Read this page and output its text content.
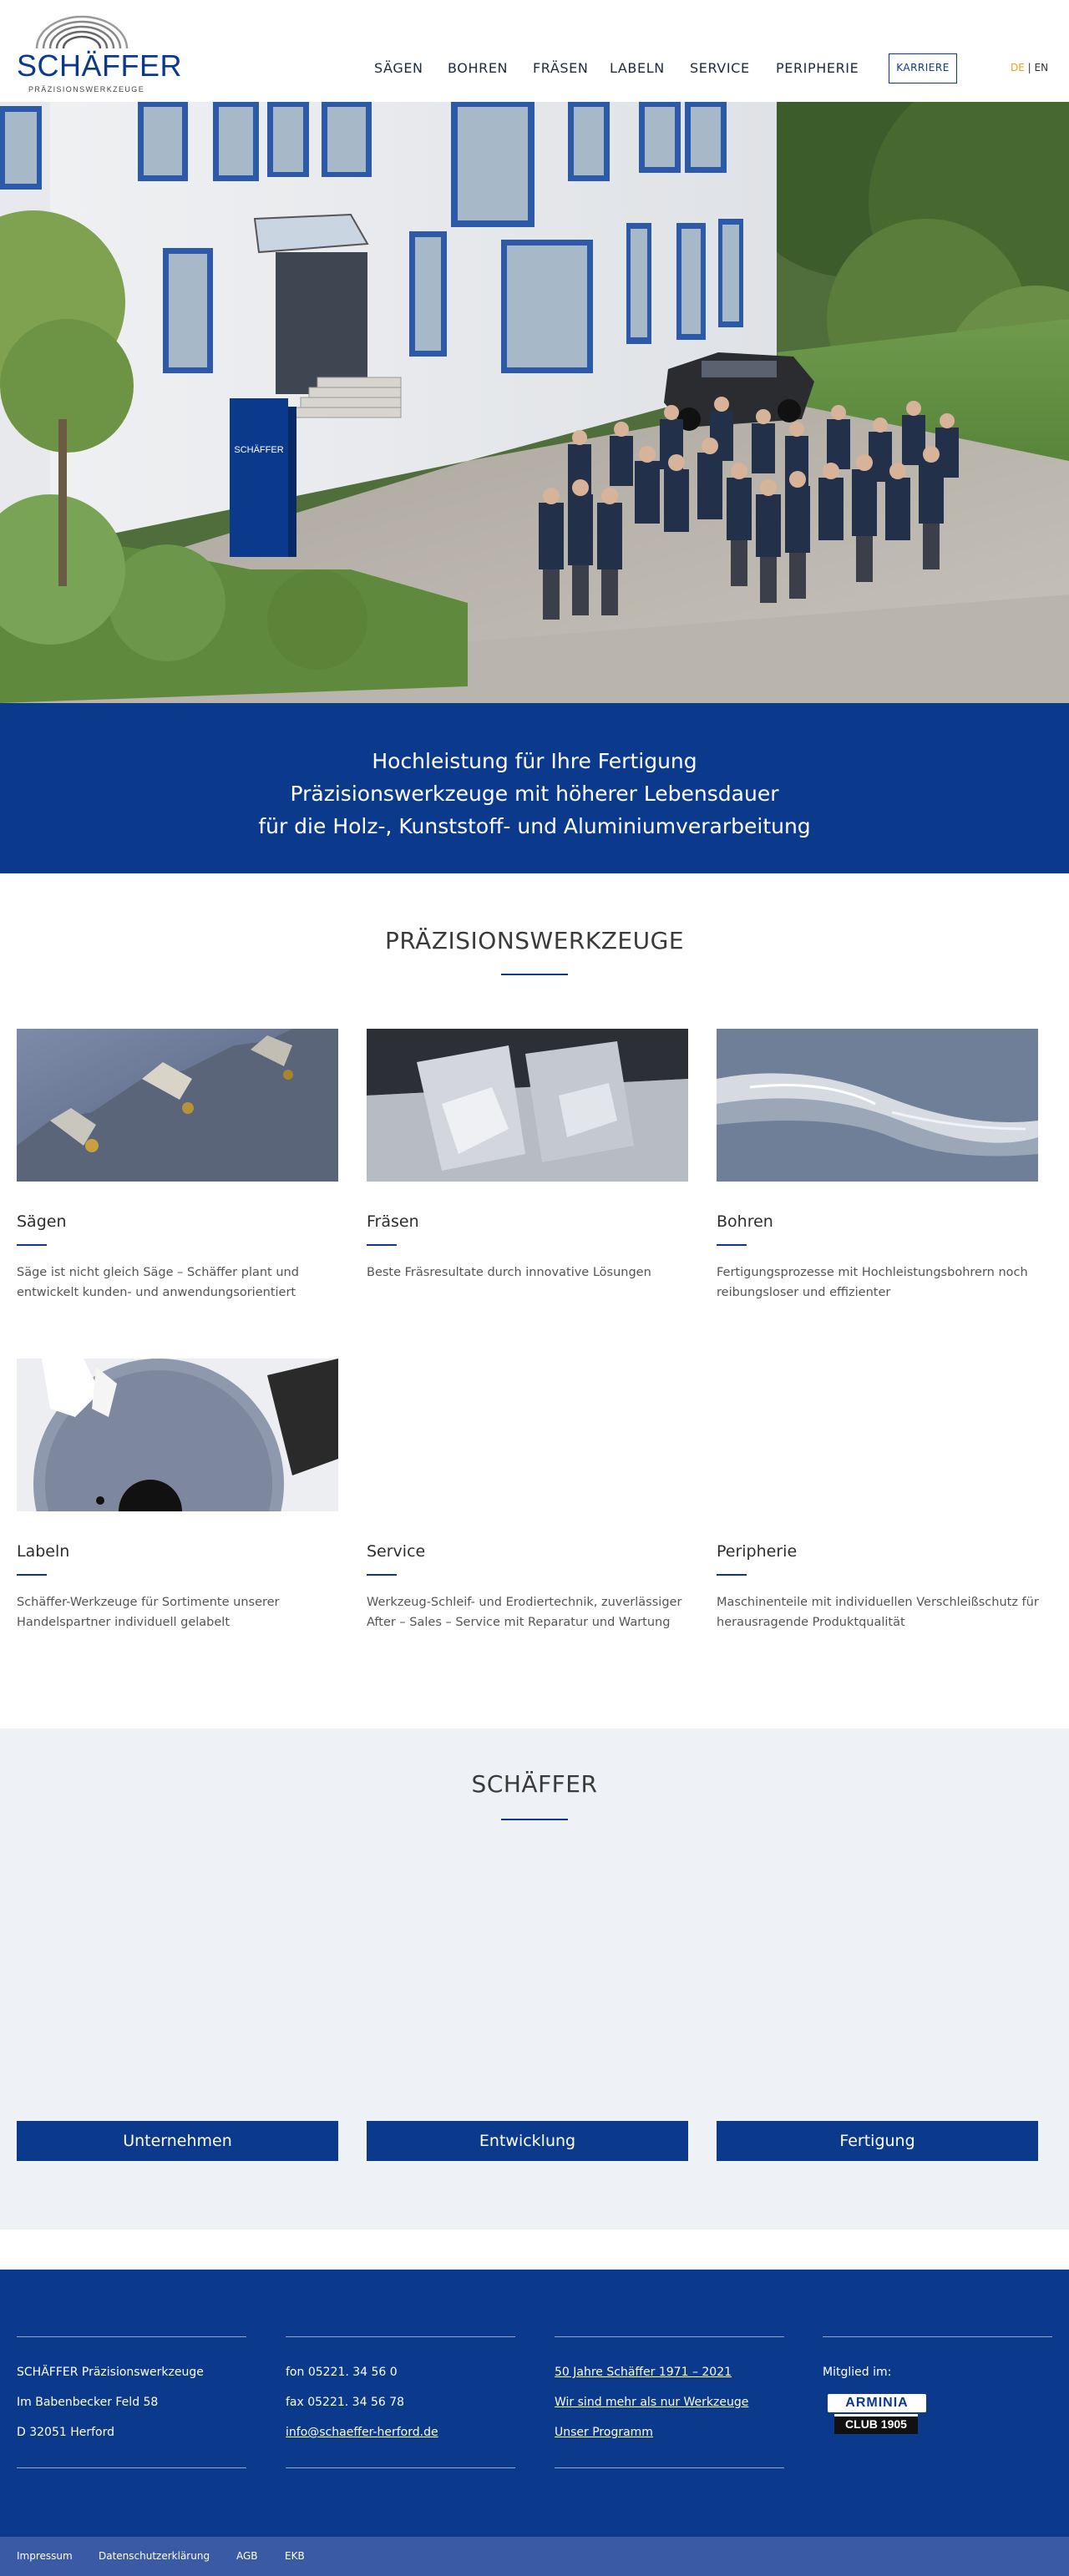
SCHÄFFER
PRÄZISIONSWERKZEUGE
SÄGEN BOHREN FRÄSEN LABELN SERVICE PERIPHERIE	KARRIERE	DE | EN
SCHÄFFER

Hochleistung für Ihre Fertigung

Präzisionswerkzeuge mit höherer Lebensdauer

für die Holz-, Kunststoff- und Aluminiumverarbeitung

PRÄZISIONSWERKZEUGE
Sägen
Säge ist nicht gleich Säge – Schäffer plant und entwickelt kunden- und anwendungsorientiert
Fräsen
Beste Fräsresultate durch innovative Lösungen
Bohren
Fertigungsprozesse mit Hochleistungsbohrern noch reibungsloser und effizienter
Labeln
Schäffer-Werkzeuge für Sortimente unserer Handelspartner individuell gelabelt
Service
Werkzeug-Schleif- und Erodiertechnik, zuverlässiger After – Sales – Service mit Reparatur und Wartung
Peripherie
Maschinenteile mit individuellen Verschleißschutz für herausragende Produktqualität
SCHÄFFER
Unternehmen	Entwicklung	Fertigung

SCHÄFFER Präzisionswerkzeuge

Im Babenbecker Feld 58

D 32051 Herford

fon 05221. 34 56 0

fax 05221. 34 56 78

info@schaeffer-herford.de

50 Jahre Schäffer 1971 – 2021

Wir sind mehr als nur Werkzeuge

Unser Programm

Mitglied im:

ARMINIA
CLUB 1905
Impressum	Datenschutzerklärung	AGB	EKB
